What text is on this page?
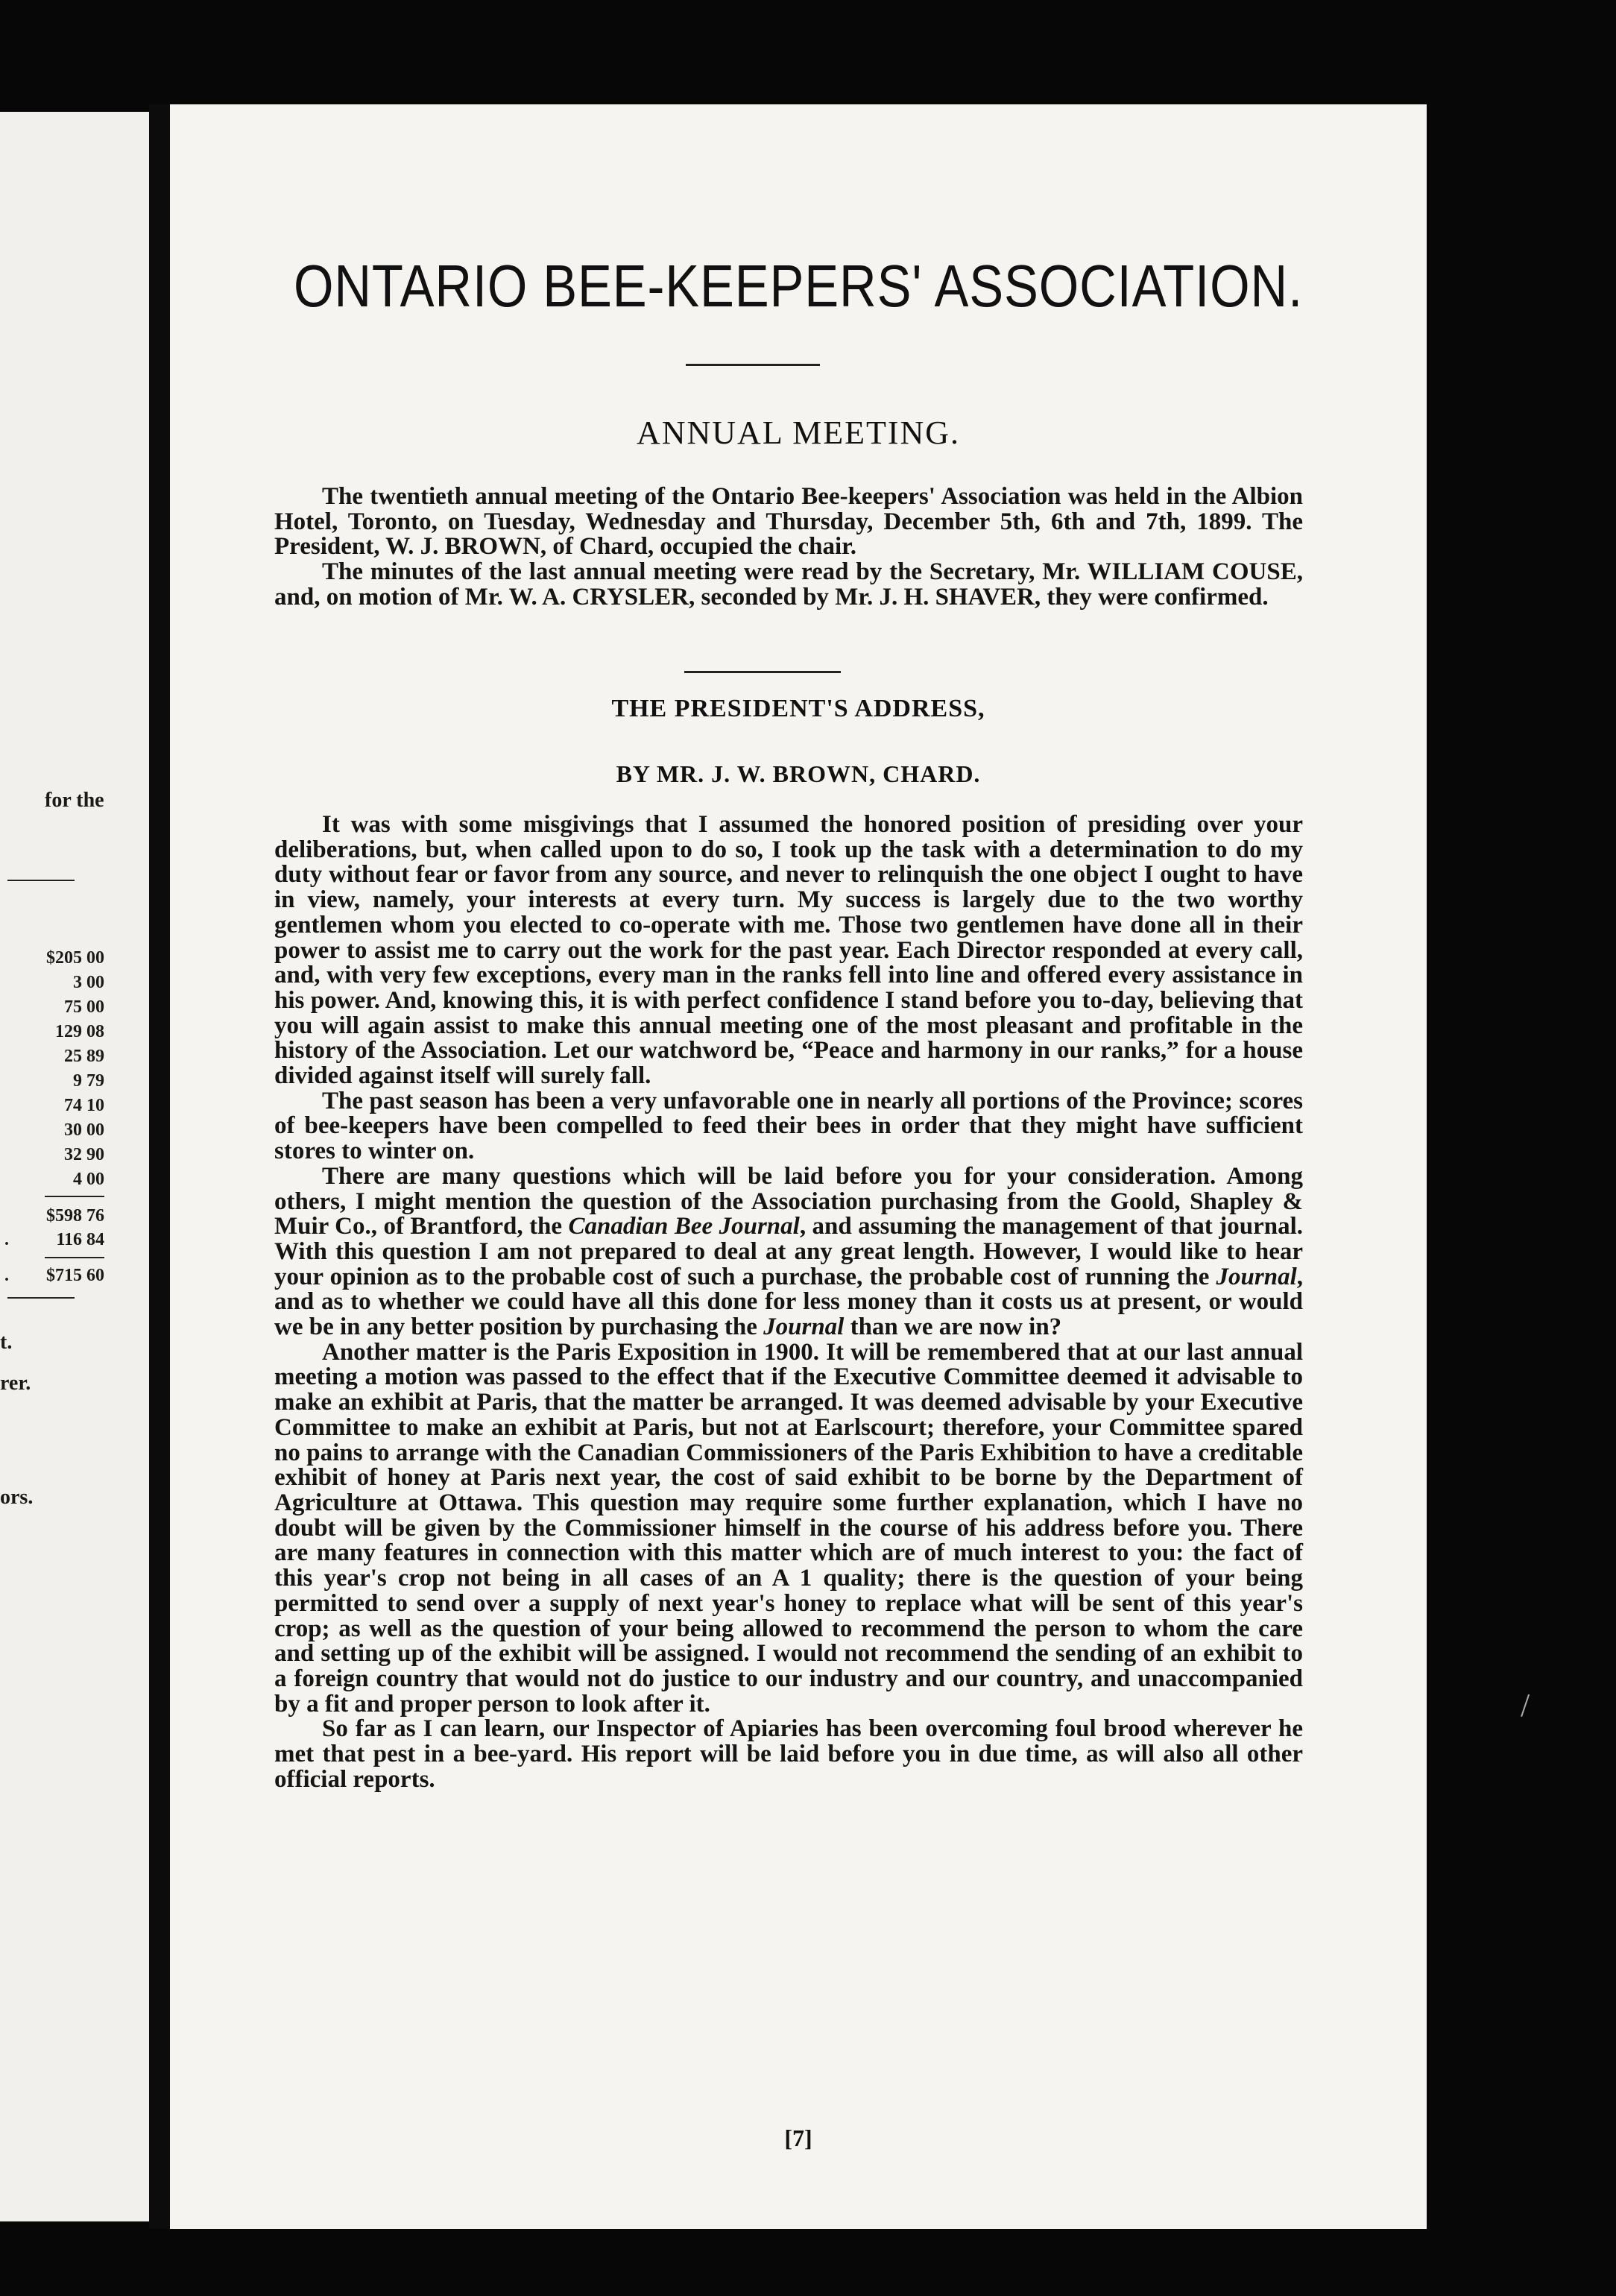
for the
$205 00
3 00
75 00
129 08
25 89
9 79
74 10
30 00
32 90
4 00
$598 76
.	116 84
. $715 60
t.
rer.
ors.
ONTARIO BEE-KEEPERS' ASSOCIATION.
ANNUAL MEETING.

The twentieth annual meeting of the Ontario Bee-keepers' Association was held in the Albion Hotel, Toronto, on Tuesday, Wednesday and Thursday, December 5th, 6th and 7th, 1899. The President, W. J. BROWN, of Chard, occupied the chair.

The minutes of the last annual meeting were read by the Secretary, Mr. WILLIAM COUSE, and, on motion of Mr. W. A. CRYSLER, seconded by Mr. J. H. SHAVER, they were confirmed.

THE PRESIDENT'S ADDRESS,
BY MR. J. W. BROWN, CHARD.

It was with some misgivings that I assumed the honored position of presiding over your deliberations, but, when called upon to do so, I took up the task with a determination to do my duty without fear or favor from any source, and never to relinquish the one object I ought to have in view, namely, your interests at every turn. My success is largely due to the two worthy gentlemen whom you elected to co-operate with me. Those two gentlemen have done all in their power to assist me to carry out the work for the past year. Each Director responded at every call, and, with very few exceptions, every man in the ranks fell into line and offered every assistance in his power. And, knowing this, it is with perfect confidence I stand before you to-day, believing that you will again assist to make this annual meeting one of the most pleasant and profitable in the history of the Association. Let our watchword be, “Peace and harmony in our ranks,” for a house divided against itself will surely fall.

The past season has been a very unfavorable one in nearly all portions of the Province; scores of bee-keepers have been compelled to feed their bees in order that they might have sufficient stores to winter on.

There are many questions which will be laid before you for your consideration. Among others, I might mention the question of the Association purchasing from the Goold, Shapley & Muir Co., of Brantford, the Canadian Bee Journal, and assuming the management of that journal. With this question I am not prepared to deal at any great length. However, I would like to hear your opinion as to the probable cost of such a purchase, the probable cost of running the Journal, and as to whether we could have all this done for less money than it costs us at present, or would we be in any better position by purchasing the Journal than we are now in?

Another matter is the Paris Exposition in 1900. It will be remembered that at our last annual meeting a motion was passed to the effect that if the Executive Committee deemed it advisable to make an exhibit at Paris, that the matter be arranged. It was deemed advisable by your Executive Committee to make an exhibit at Paris, but not at Earlscourt; therefore, your Committee spared no pains to arrange with the Canadian Commissioners of the Paris Exhibition to have a creditable exhibit of honey at Paris next year, the cost of said exhibit to be borne by the Department of Agriculture at Ottawa. This question may require some further explanation, which I have no doubt will be given by the Commissioner himself in the course of his address before you. There are many features in connection with this matter which are of much interest to you: the fact of this year's crop not being in all cases of an A 1 quality; there is the question of your being permitted to send over a supply of next year's honey to replace what will be sent of this year's crop; as well as the question of your being allowed to recommend the person to whom the care and setting up of the exhibit will be assigned. I would not recommend the sending of an exhibit to a foreign country that would not do justice to our industry and our country, and unaccompanied by a fit and proper person to look after it.

So far as I can learn, our Inspector of Apiaries has been overcoming foul brood wherever he met that pest in a bee-yard. His report will be laid before you in due time, as will also all other official reports.

[7]
/
